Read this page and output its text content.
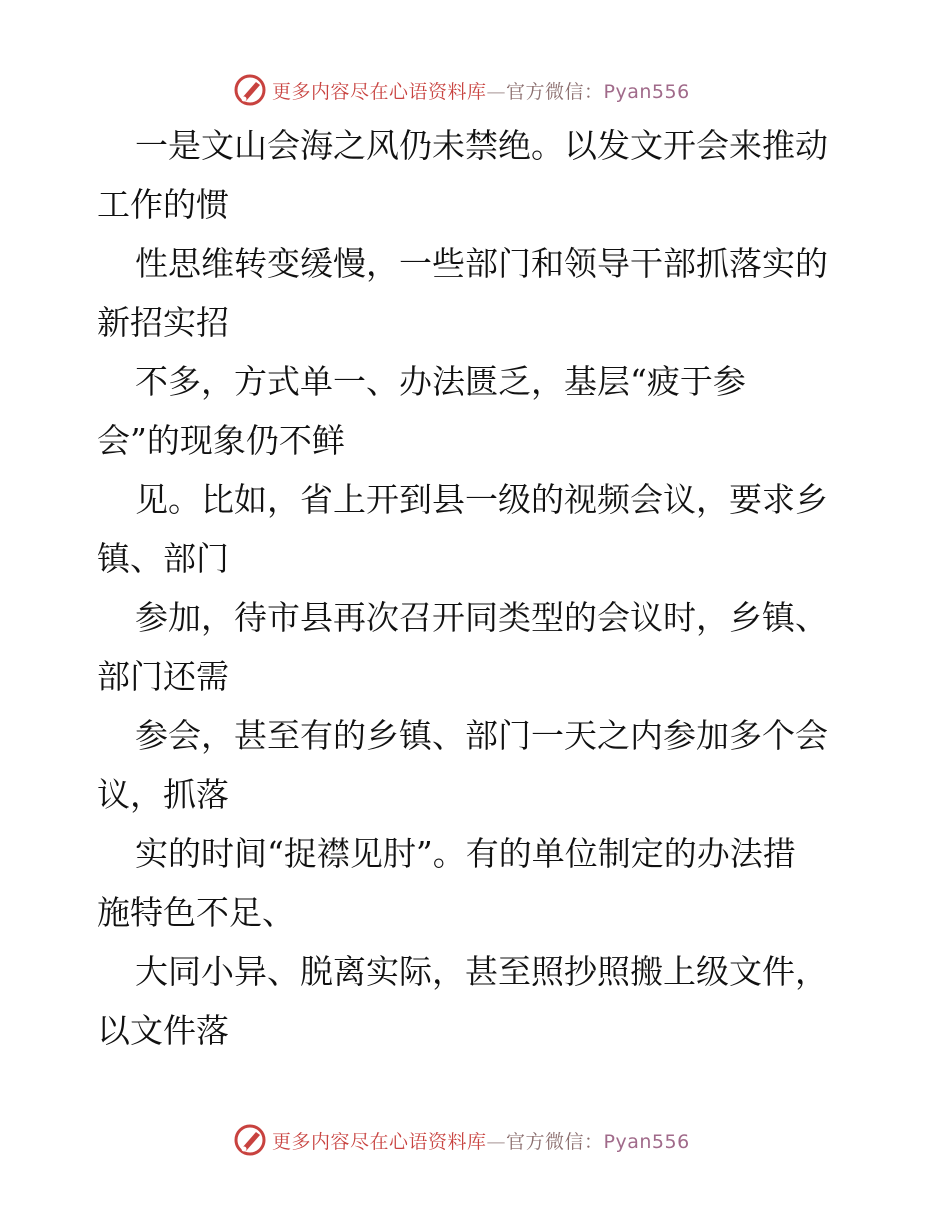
更多内容尽在心语资料库—官方微信：Pyan556
一是文山会海之风仍未禁绝。以发文开会来推动
工作的惯
性思维转变缓慢，一些部门和领导干部抓落实的
新招实招
不多，方式单一、办法匮乏，基层“疲于参
会”的现象仍不鲜
见。比如，省上开到县一级的视频会议，要求乡
镇、部门
参加，待市县再次召开同类型的会议时，乡镇、
部门还需
参会，甚至有的乡镇、部门一天之内参加多个会
议，抓落
实的时间“捉襟见肘”。有的单位制定的办法措
施特色不足、
大同小异、脱离实际，甚至照抄照搬上级文件，
以文件落
更多内容尽在心语资料库—官方微信：Pyan556
